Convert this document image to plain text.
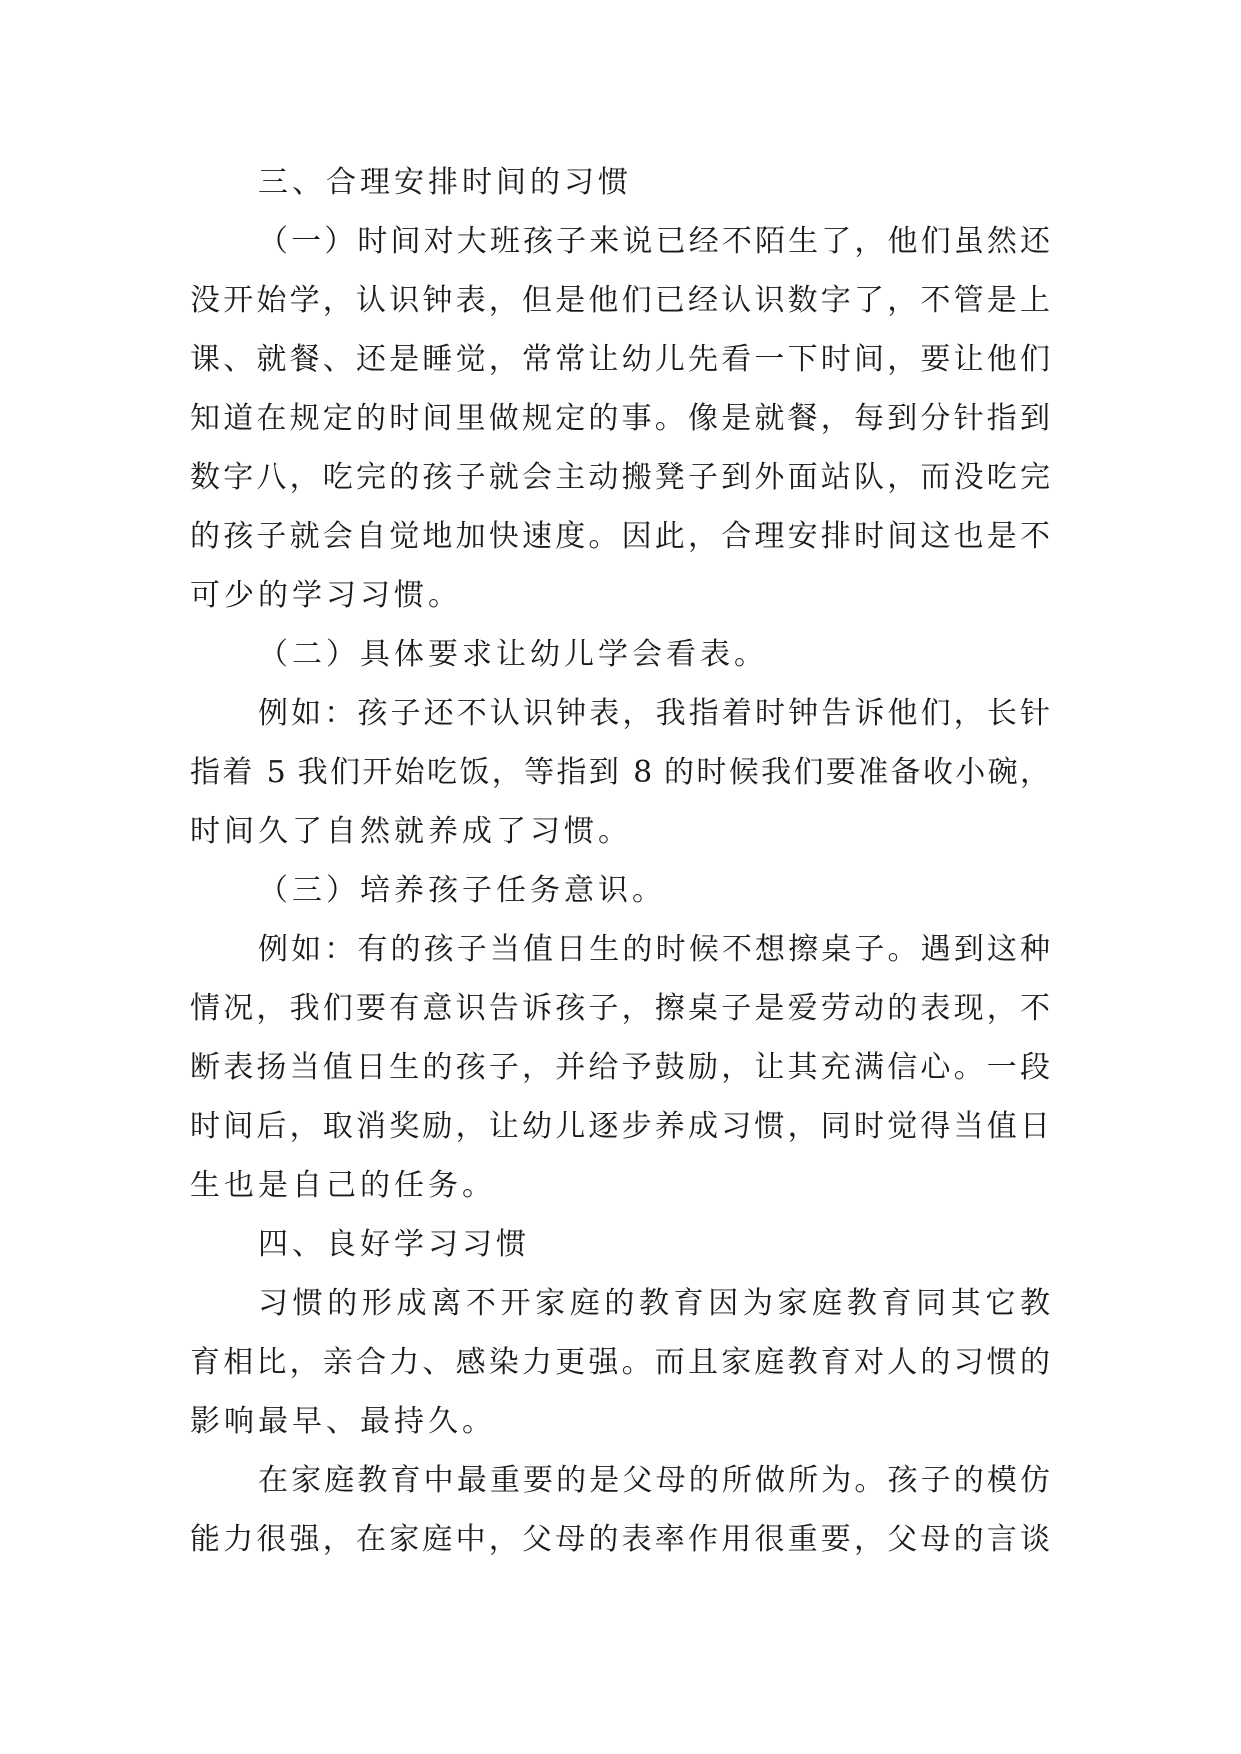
三、合理安排时间的习惯
（一）时间对大班孩子来说已经不陌生了，他们虽然还
没开始学，认识钟表，但是他们已经认识数字了，不管是上
课、就餐、还是睡觉，常常让幼儿先看一下时间，要让他们
知道在规定的时间里做规定的事。像是就餐，每到分针指到
数字八，吃完的孩子就会主动搬凳子到外面站队，而没吃完
的孩子就会自觉地加快速度。因此，合理安排时间这也是不
可少的学习习惯。
（二）具体要求让幼儿学会看表。
例如：孩子还不认识钟表，我指着时钟告诉他们，长针
指着 5 我们开始吃饭，等指到 8 的时候我们要准备收小碗，
时间久了自然就养成了习惯。
（三）培养孩子任务意识。
例如：有的孩子当值日生的时候不想擦桌子。遇到这种
情况，我们要有意识告诉孩子，擦桌子是爱劳动的表现，不
断表扬当值日生的孩子，并给予鼓励，让其充满信心。一段
时间后，取消奖励，让幼儿逐步养成习惯，同时觉得当值日
生也是自己的任务。
四、良好学习习惯
习惯的形成离不开家庭的教育因为家庭教育同其它教
育相比，亲合力、感染力更强。而且家庭教育对人的习惯的
影响最早、最持久。
在家庭教育中最重要的是父母的所做所为。孩子的模仿
能力很强，在家庭中，父母的表率作用很重要，父母的言谈
